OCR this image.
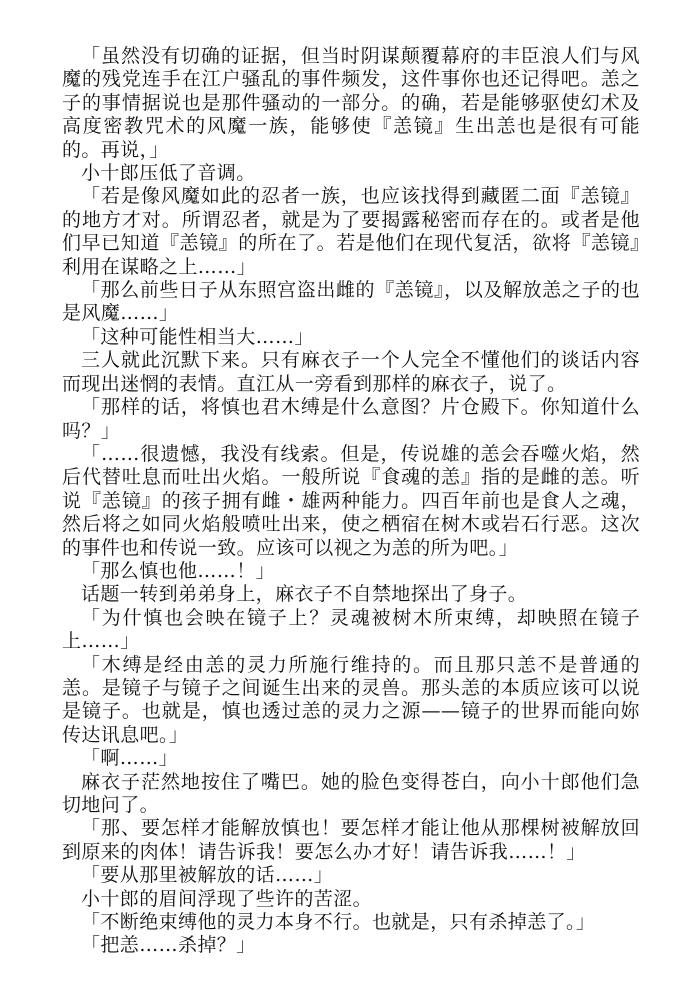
「虽然没有切确的证据，但当时阴谋颠覆幕府的丰臣浪人们与风魔的残党连手在江户骚乱的事件频发，这件事你也还记得吧。恙之子的事情据说也是那件骚动的一部分。的确，若是能够驱使幻术及高度密教咒术的风魔一族，能够使『恙镜』生出恙也是很有可能的。再说，」

小十郎压低了音调。

「若是像风魔如此的忍者一族，也应该找得到藏匿二面『恙镜』的地方才对。所谓忍者，就是为了要揭露秘密而存在的。或者是他们早已知道『恙镜』的所在了。若是他们在现代复活，欲将『恙镜』利用在谋略之上……」

「那么前些日子从东照宫盗出雌的『恙镜』，以及解放恙之子的也是风魔……」

「这种可能性相当大……」

三人就此沉默下来。只有麻衣子一个人完全不懂他们的谈话内容而现出迷惘的表情。直江从一旁看到那样的麻衣子，说了。

「那样的话，将慎也君木缚是什么意图？片仓殿下。你知道什么吗？」

「……很遗憾，我没有线索。但是，传说雄的恙会吞噬火焰，然后代替吐息而吐出火焰。一般所说『食魂的恙』指的是雌的恙。听说『恙镜』的孩子拥有雌・雄两种能力。四百年前也是食人之魂，然后将之如同火焰般喷吐出来，使之栖宿在树木或岩石行恶。这次的事件也和传说一致。应该可以视之为恙的所为吧。」

「那么慎也他……！」

话题一转到弟弟身上，麻衣子不自禁地探出了身子。

「为什慎也会映在镜子上？灵魂被树木所束缚，却映照在镜子上……」

「木缚是经由恙的灵力所施行维持的。而且那只恙不是普通的恙。是镜子与镜子之间诞生出来的灵兽。那头恙的本质应该可以说是镜子。也就是，慎也透过恙的灵力之源——镜子的世界而能向妳传达讯息吧。」

「啊……」

麻衣子茫然地按住了嘴巴。她的脸色变得苍白，向小十郎他们急切地问了。

「那、要怎样才能解放慎也！要怎样才能让他从那棵树被解放回到原来的肉体！请告诉我！要怎么办才好！请告诉我……！」

「要从那里被解放的话……」

小十郎的眉间浮现了些许的苦涩。

「不断绝束缚他的灵力本身不行。也就是，只有杀掉恙了。」

「把恙……杀掉？」
